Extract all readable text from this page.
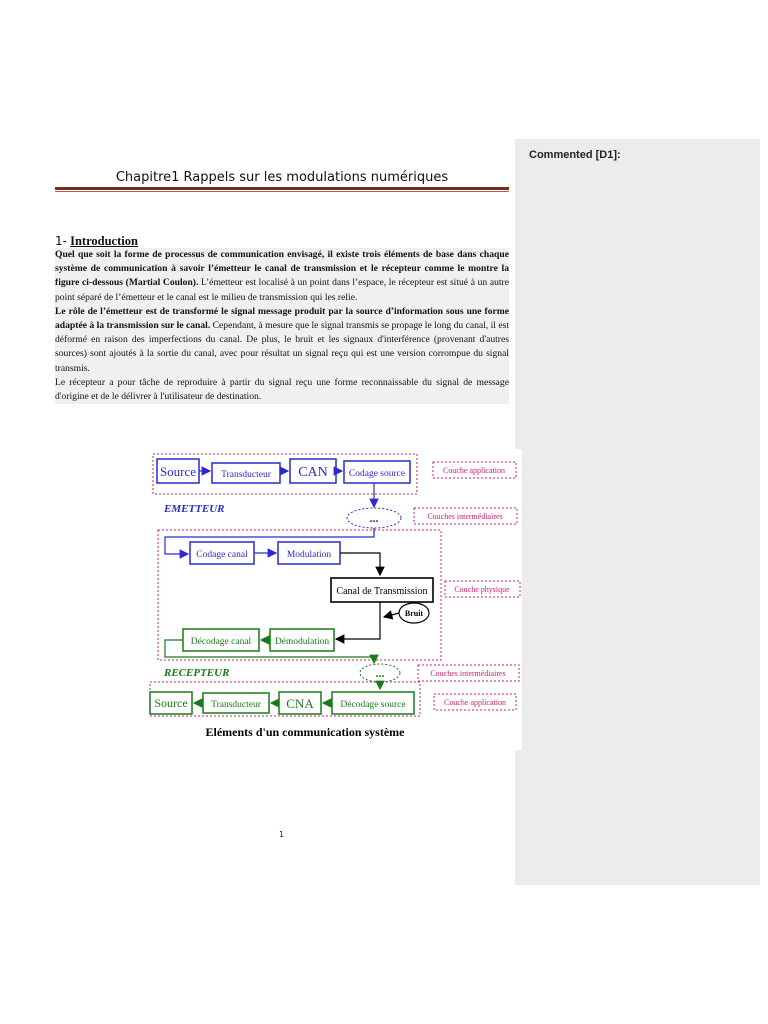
Commented [D1]:
Chapitre1 Rappels sur les modulations numériques
1- Introduction

Quel que soit la forme de processus de communication envisagé, il existe trois éléments de base dans chaque système de communication à savoir l’émetteur le canal de transmission et le récepteur comme le montre la figure ci-dessous (Martial Coulon). L’émetteur est localisé à un point dans l’espace, le récepteur est situé à un autre point séparé de l’émetteur et le canal est le milieu de transmission qui les relie.

Le rôle de l’émetteur est de transformé le signal message produit par la source d’information sous une forme adaptée à la transmission sur le canal. Cependant, à mesure que le signal transmis se propage le long du canal, il est déformé en raison des imperfections du canal. De plus, le bruit et les signaux d'interférence (provenant d'autres sources) sont ajoutés à la sortie du canal, avec pour résultat un signal reçu qui est une version corrompue du signal transmis.

Le récepteur a pour tâche de reproduire à partir du signal reçu une forme reconnaissable du signal de message d'origine et de le délivrer à l'utilisateur de destination.

Source	Transducteur CAN Codage source
EMETTEUR
...
Codage canal	Modulation
Canal de Transmission
Bruit
Décodage canal Démodulation
RECEPTEUR	...
Source Transducteur CNA	Décodage source
Couche application
Couches intermédiaires
Couche physique
Couches intermédiaires
Couche application
Eléments d'un communication système
1
